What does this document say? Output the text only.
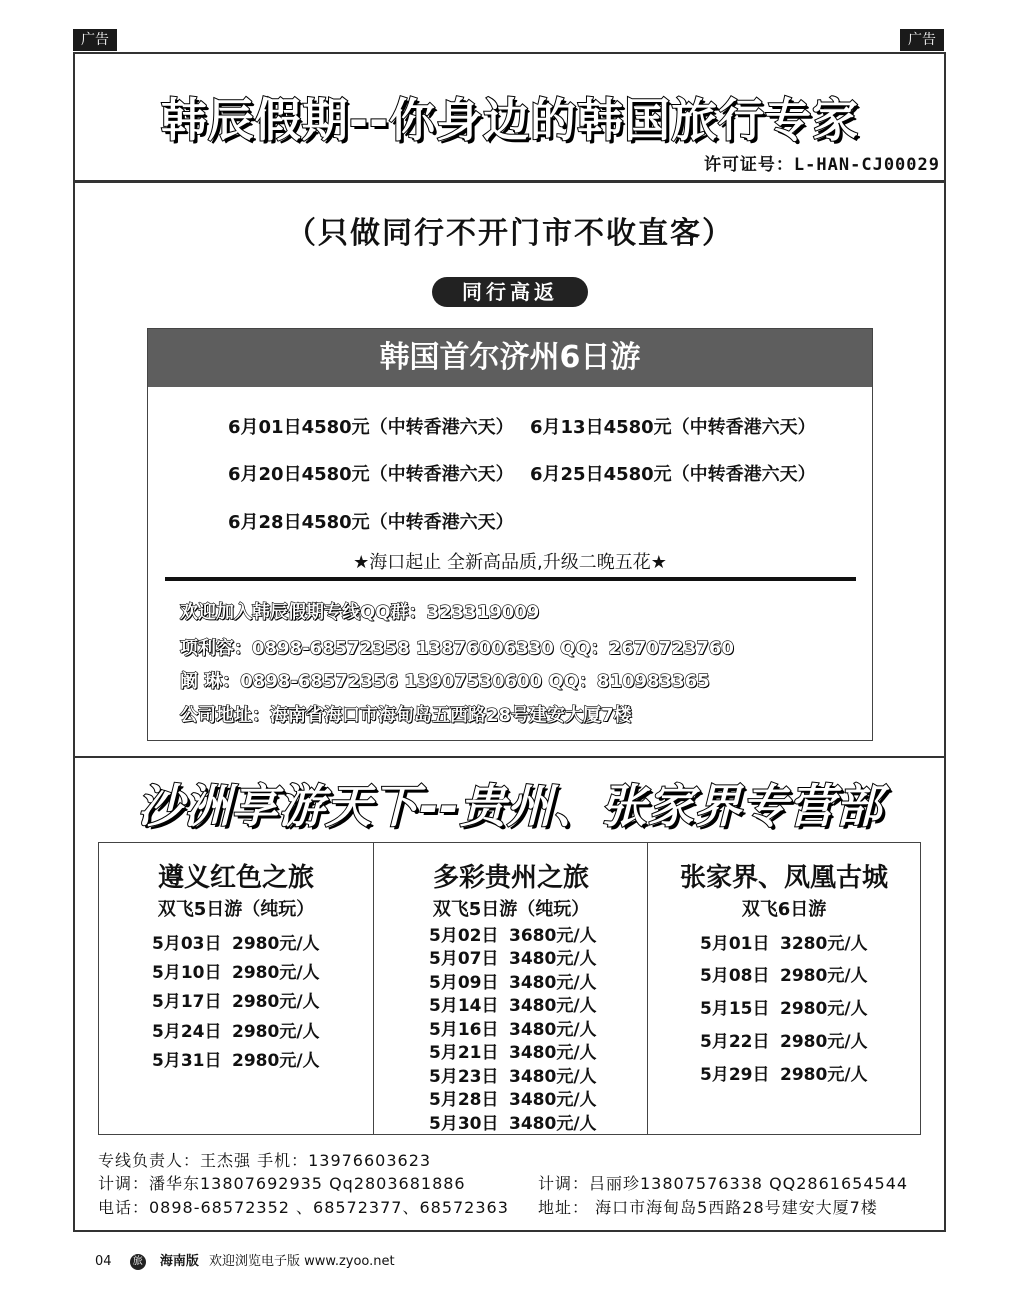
广告	广告
韩辰假期--你身边的韩国旅行专家
许可证号：L-HAN-CJ00029
（只做同行不开门市不收直客）
同行高返
韩国首尔济州6日游
6月01日4580元（中转香港六天） 6月13日4580元（中转香港六天）
6月20日4580元（中转香港六天） 6月25日4580元（中转香港六天）
6月28日4580元（中转香港六天）
★海口起止 全新高品质,升级二晚五花★
欢迎加入韩辰假期专线QQ群：323319009
项利容：0898-68572358 13876006330 QQ：2670723760
阚 琳：0898-68572356 13907530600 QQ：810983365
公司地址：海南省海口市海甸岛五西路28号建安大厦7楼
沙洲享游天下--贵州、张家界专营部
遵义红色之旅
双飞5日游（纯玩）
5月03日 2980元/人
5月10日 2980元/人
5月17日 2980元/人
5月24日 2980元/人
5月31日 2980元/人
多彩贵州之旅
双飞5日游（纯玩）
5月02日 3680元/人
5月07日 3480元/人
5月09日 3480元/人
5月14日 3480元/人
5月16日 3480元/人
5月21日 3480元/人
5月23日 3480元/人
5月28日 3480元/人
5月30日 3480元/人
张家界、凤凰古城
双飞6日游
5月01日 3280元/人
5月08日 2980元/人
5月15日 2980元/人
5月22日 2980元/人
5月29日 2980元/人
专线负责人：王杰强 手机：13976603623
计调：潘华东13807692935 Qq2803681886	计调：吕丽珍13807576338 QQ2861654544
电话：0898-68572352 、68572377、68572363 地址： 海口市海甸岛5西路28号建安大厦7楼
04 旅 海南版 欢迎浏览电子版 www.zyoo.net
